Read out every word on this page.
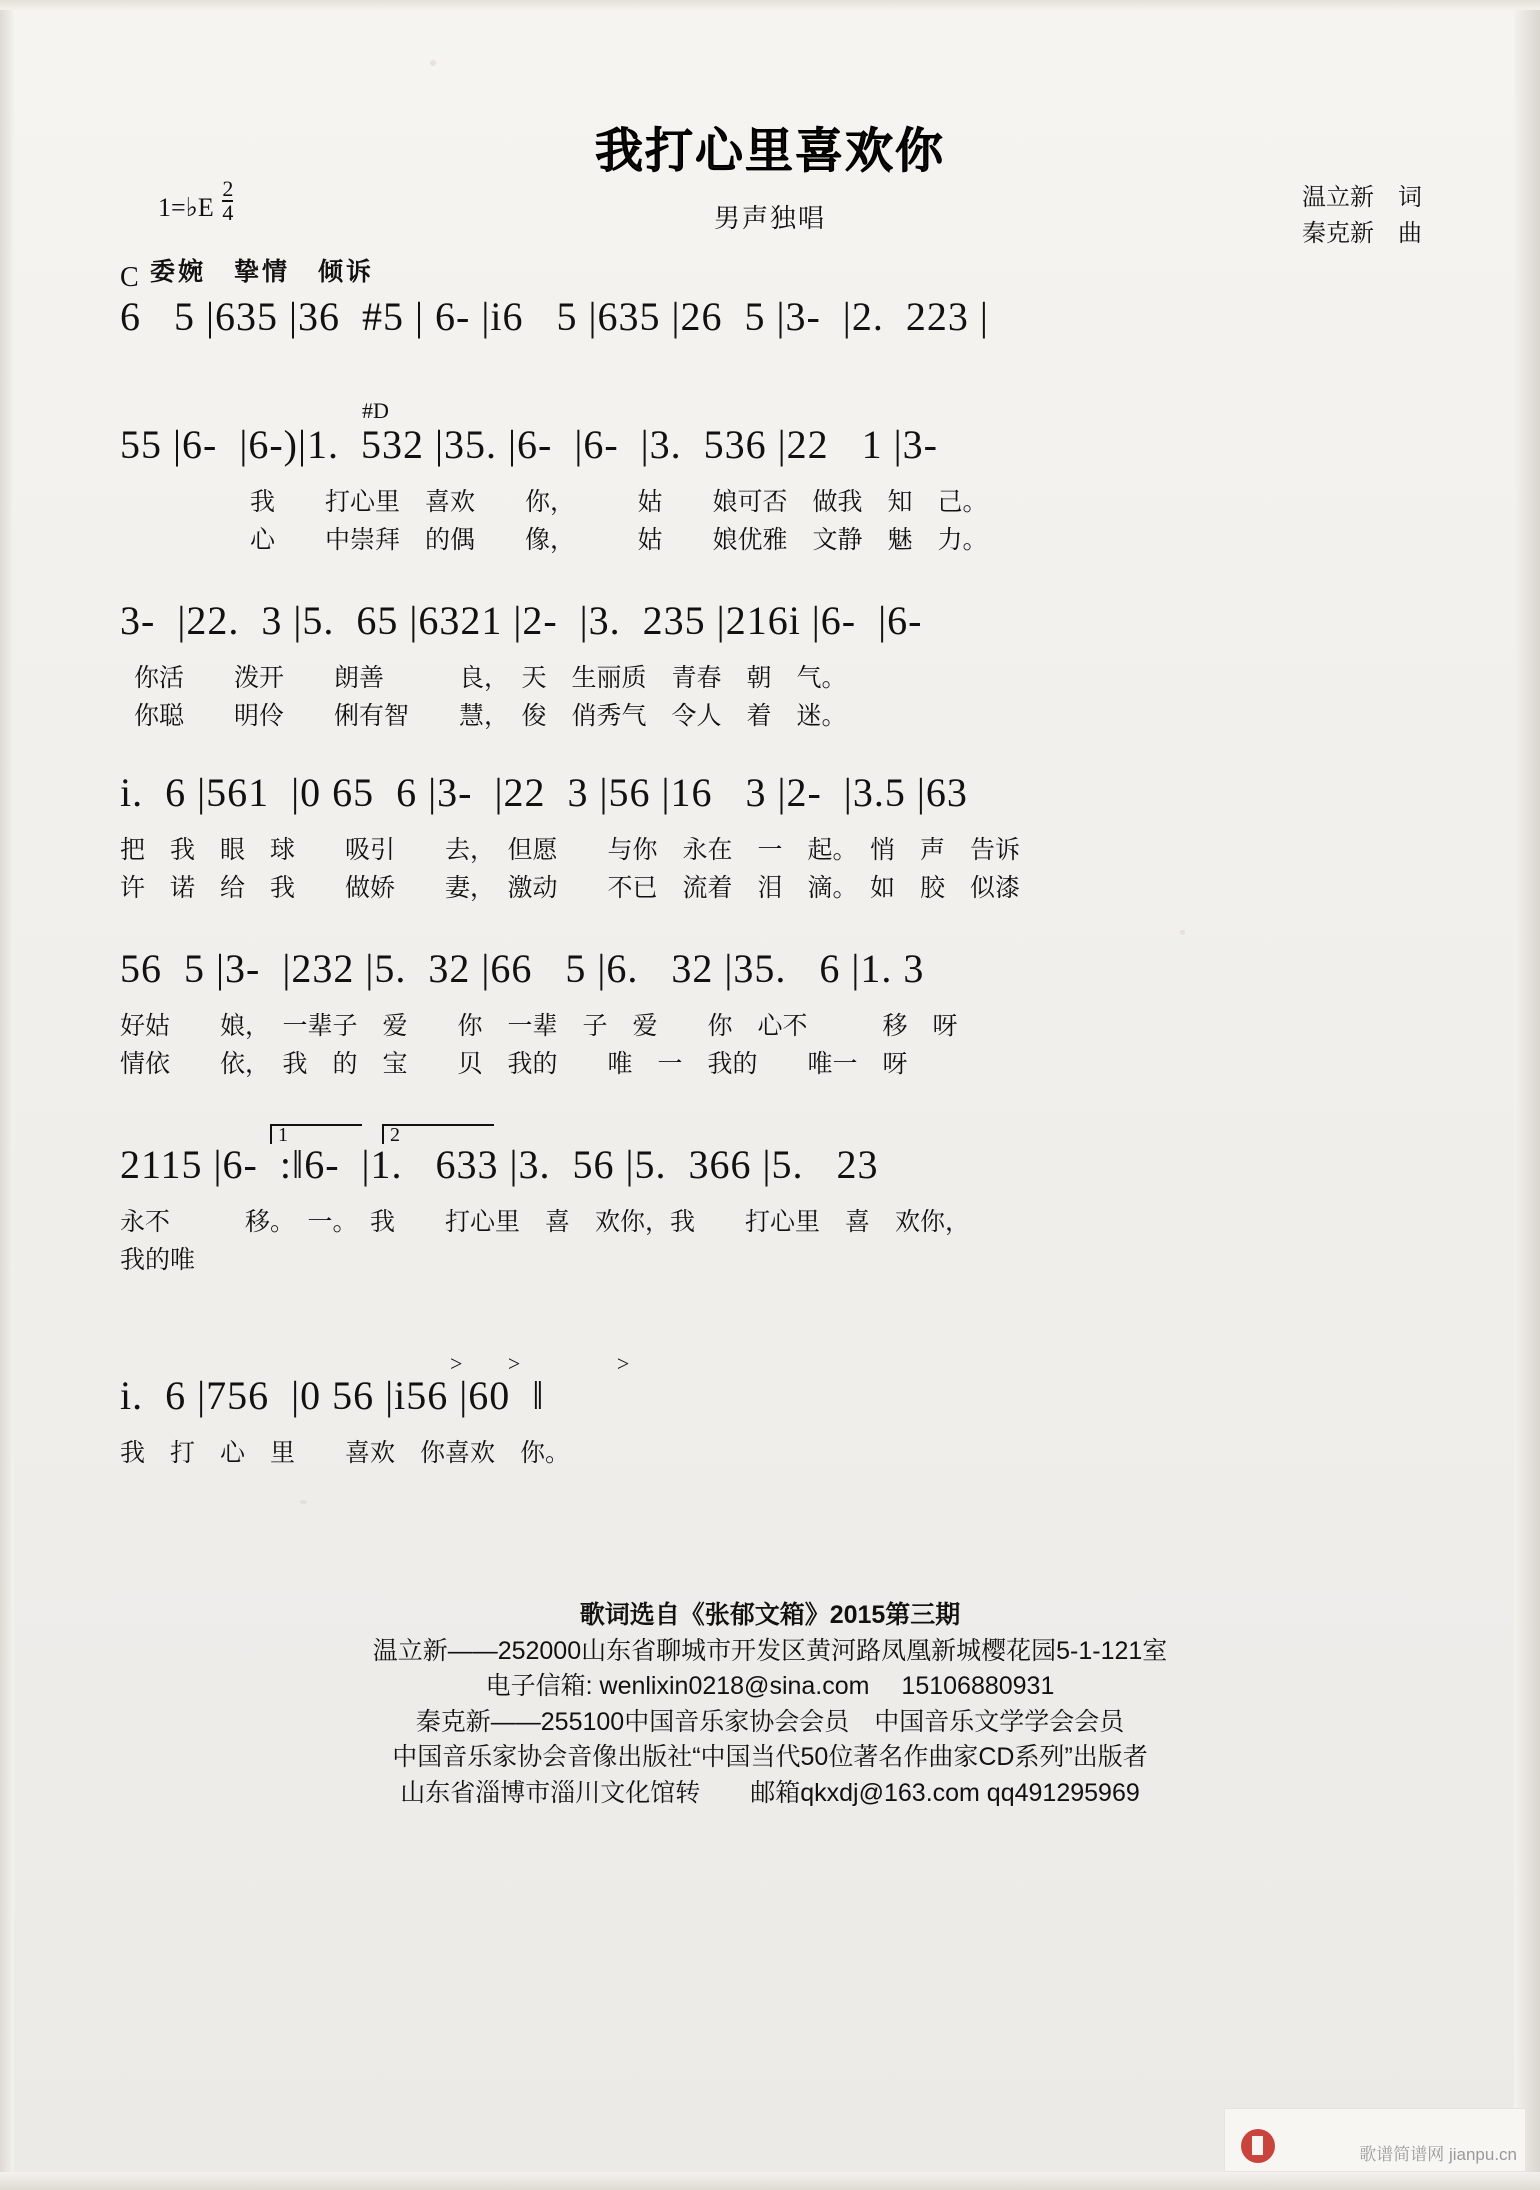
我打心里喜欢你
1=♭E $\frac{2}{4}$	男声独唱
温立新　词
秦克新　曲
C 委婉　挚情　倾诉
6   5 |635 |36  #5 | 6- |i6   5 |635 |26  5 |3-  |2.  223 |
#D
55 |6-  |6-)|1.  532 |35. |6-  |6-  |3.  536 |22   1 |3-
我　　打心里　喜欢　　你，　　　姑　　娘可否　做我　知　己。
心　　中崇拜　的偶　　像，　　　姑　　娘优雅　文静　魅　力。
3-  |22.  3 |5.  65 |6321 |2-  |3.  235 |216i |6-  |6-
你活　　泼开　　朗善　　　良，　天　生丽质　青春　朝　气。
你聪　　明伶　　俐有智　　慧，　俊　俏秀气　令人　着　迷。
i.  6 |561  |0 65  6 |3-  |22  3 |56 |16   3 |2-  |3.5 |63
把　我　眼　球　　吸引　　去，　但愿　　与你　永在　一　起。　悄　声　告诉
许　诺　给　我　　做娇　　妻，　激动　　不已　流着　泪　滴。　如　胶　似漆
56  5 |3-  |232 |5.  32 |66   5 |6.   32 |35.   6 |1. 3
好姑　　娘，　一辈子　爱　　你　一辈　子　爱　　你　心不　　　移　呀
情依　　依，　我　的　宝　　贝　我的　　唯　一　我的　　唯一　呀
1	2
2115 |6-  :‖6-  |1.   633 |3.  56 |5.  366 |5.   23
永不　　　移。　一。　我　　打心里　喜　欢你，我　　打心里　喜　欢你，
我的唯
> >   >
i.  6 |756  |0 56 |i56 |60  ‖
我　打　心　里　　喜欢　你喜欢　你。
歌词选自《张郁文箱》2015第三期
温立新——252000山东省聊城市开发区黄河路凤凰新城樱花园5-1-121室
电子信箱: wenlixin0218@sina.com　 15106880931
秦克新——255100中国音乐家协会会员　中国音乐文学学会会员
中国音乐家协会音像出版社“中国当代50位著名作曲家CD系列”出版者
山东省淄博市淄川文化馆转　　邮箱qkxdj@163.com qq491295969
歌谱简谱网 jianpu.cn
